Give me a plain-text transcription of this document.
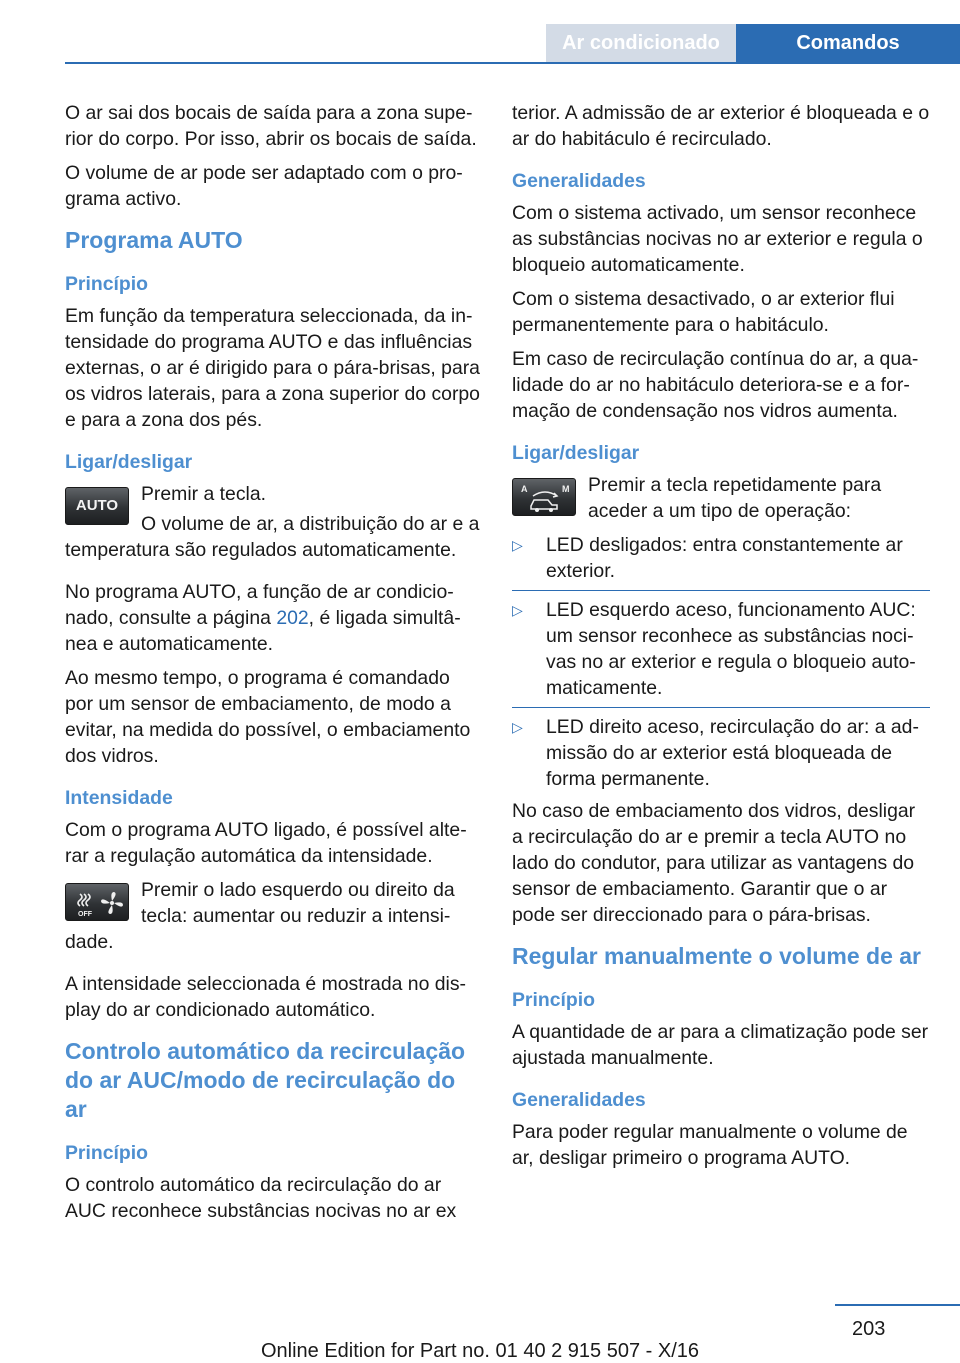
Ar condicionado	Comandos

O ar sai dos bocais de saída para a zona superior do corpo. Por isso, abrir os bocais de saída.

O volume de ar pode ser adaptado com o programa activo.

Programa AUTO
Princípio

Em função da temperatura seleccionada, da intensidade do programa AUTO e das influências externas, o ar é dirigido para o pára-brisas, para os vidros laterais, para a zona superior do corpo e para a zona dos pés.

Ligar/desligar
AUTO

Premir a tecla.

O volume de ar, a distribuição do ar e a temperatura são regulados automaticamente.

No programa AUTO, a função de ar condicionado, consulte a página 202, é ligada simultânea e automaticamente.

Ao mesmo tempo, o programa é comandado por um sensor de embaciamento, de modo a evitar, na medida do possível, o embaciamento dos vidros.

Intensidade

Com o programa AUTO ligado, é possível alterar a regulação automática da intensidade.

OFF

Premir o lado esquerdo ou direito da tecla: aumentar ou reduzir a intensidade.

A intensidade seleccionada é mostrada no display do ar condicionado automático.

Controlo automático da recirculação do ar AUC/modo de recirculação do ar
Princípio

O controlo automático da recirculação do ar AUC reconhece substâncias nocivas no ar ex

terior. A admissão de ar exterior é bloqueada e o ar do habitáculo é recirculado.

Generalidades

Com o sistema activado, um sensor reconhece as substâncias nocivas no ar exterior e regula o bloqueio automaticamente.

Com o sistema desactivado, o ar exterior flui permanentemente para o habitáculo.

Em caso de recirculação contínua do ar, a qualidade do ar no habitáculo deteriora-se e a formação de condensação nos vidros aumenta.

Ligar/desligar
A	M Premir a tecla repetidamente para aceder a um tipo de operação:

▷ LED desligados: entra constantemente ar exterior.
▷ LED esquerdo aceso, funcionamento AUC: um sensor reconhece as substâncias nocivas no ar exterior e regula o bloqueio automaticamente.
▷ LED direito aceso, recirculação do ar: a admissão do ar exterior está bloqueada de forma permanente.

No caso de embaciamento dos vidros, desligar a recirculação do ar e premir a tecla AUTO no lado do condutor, para utilizar as vantagens do sensor de embaciamento. Garantir que o ar pode ser direccionado para o pára-brisas.

Regular manualmente o volume de ar
Princípio

A quantidade de ar para a climatização pode ser ajustada manualmente.

Generalidades

Para poder regular manualmente o volume de ar, desligar primeiro o programa AUTO.

203
Online Edition for Part no. 01 40 2 915 507 - X/16
